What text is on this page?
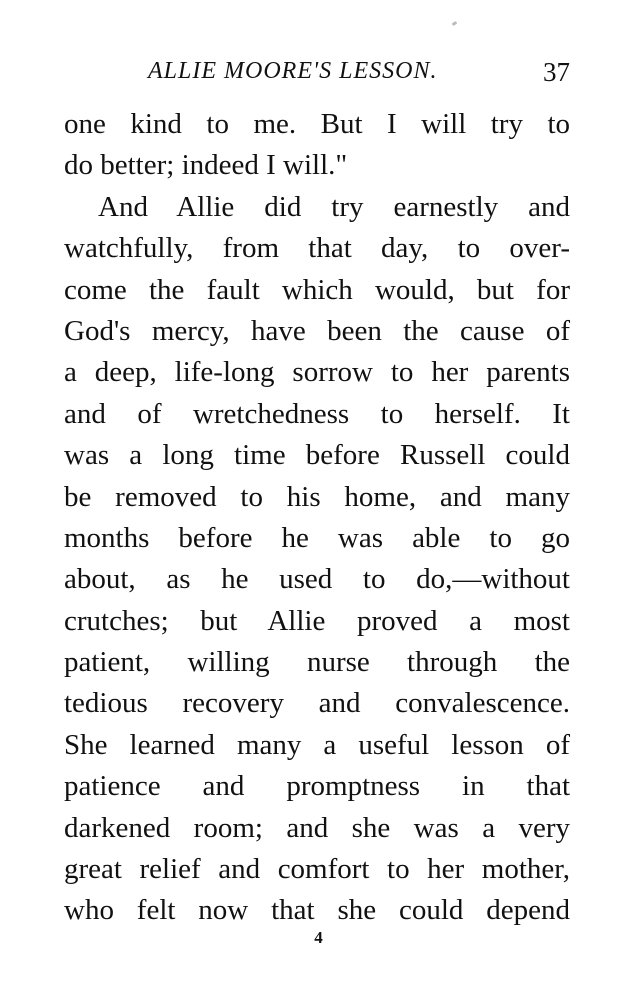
ALLIE MOORE'S LESSON.	37
one kind to me. But I will try to
do better; indeed I will."
And Allie did try earnestly and
watchfully, from that day, to over-
come the fault which would, but for
God's mercy, have been the cause of
a deep, life-long sorrow to her parents
and of wretchedness to herself. It
was a long time before Russell could
be removed to his home, and many
months before he was able to go
about, as he used to do,—without
crutches; but Allie proved a most
patient, willing nurse through the
tedious recovery and convalescence.
She learned many a useful lesson of
patience and promptness in that
darkened room; and she was a very
great relief and comfort to her mother,
who felt now that she could depend
4
